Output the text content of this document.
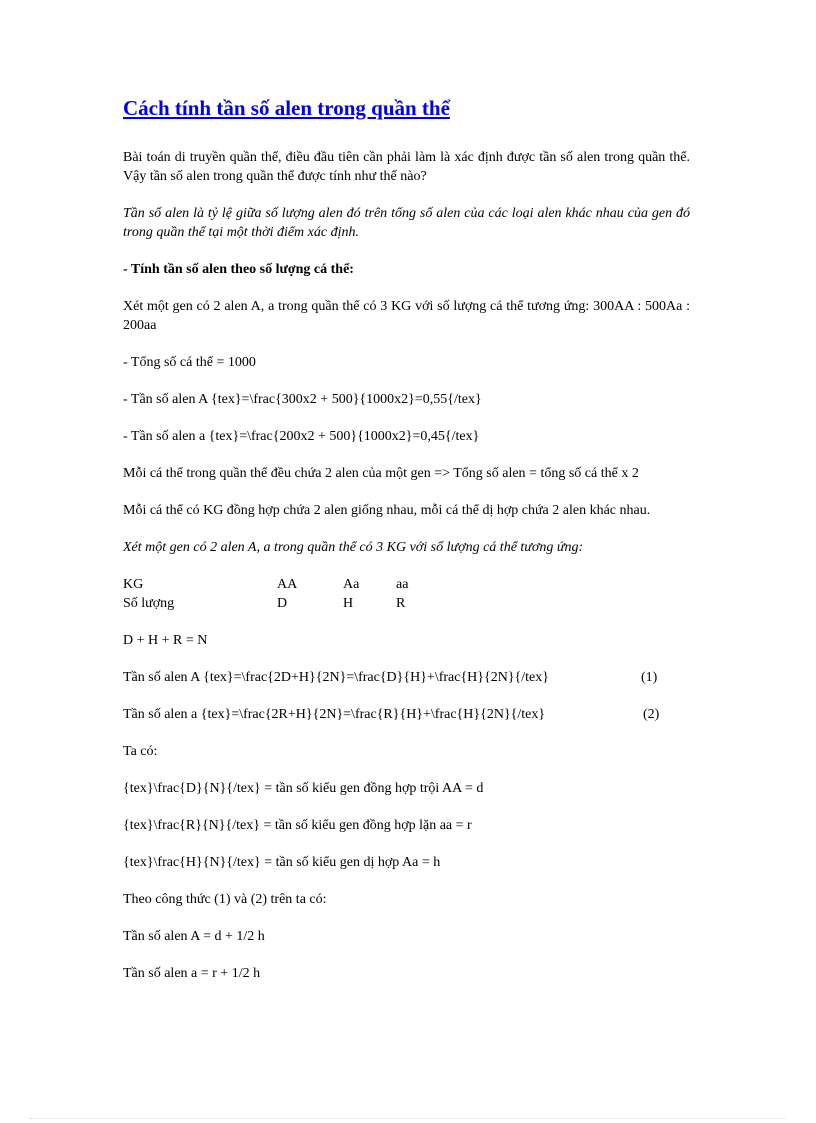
Cách tính tần số alen trong quần thể

Bài toán di truyền quần thể, điều đầu tiên cần phải làm là xác định được tần số alen trong quần thể. Vậy tần số alen trong quần thể được tính như thế nào?

Tần số alen là tỷ lệ giữa số lượng alen đó trên tổng số alen của các loại alen khác nhau của gen đó trong quần thể tại một thời điểm xác định.

- Tính tần số alen theo số lượng cá thể:

Xét một gen có 2 alen A, a trong quần thể có 3 KG với số lượng cá thể tương ứng: 300AA : 500Aa : 200aa

- Tổng số cá thể = 1000

- Tần số alen A {tex}=\frac{300x2 + 500}{1000x2}=0,55{/tex}

- Tần số alen a {tex}=\frac{200x2 + 500}{1000x2}=0,45{/tex}

Mỗi cá thể trong quần thể đều chứa 2 alen của một gen => Tổng số alen = tổng số cá thể x 2

Mỗi cá thể có KG đồng hợp chứa 2 alen giống nhau, mỗi cá thể dị hợp chứa 2 alen khác nhau.

Xét một gen có 2 alen A, a trong quần thể có 3 KG với số lượng cá thể tương ứng:

KG	AA	Aa	aa
Số lượng	D	H	R

D + H + R = N

Tần số alen A {tex}=\frac{2D+H}{2N}=\frac{D}{H}+\frac{H}{2N}{/tex}	(1)
Tần số alen a {tex}=\frac{2R+H}{2N}=\frac{R}{H}+\frac{H}{2N}{/tex}	(2)

Ta có:

{tex}\frac{D}{N}{/tex} = tần số kiểu gen đồng hợp trội AA = d

{tex}\frac{R}{N}{/tex} = tần số kiểu gen đồng hợp lặn aa = r

{tex}\frac{H}{N}{/tex} = tần số kiểu gen dị hợp Aa = h

Theo công thức (1) và (2) trên ta có:

Tần số alen A = d + 1/2 h

Tần số alen a = r + 1/2 h
